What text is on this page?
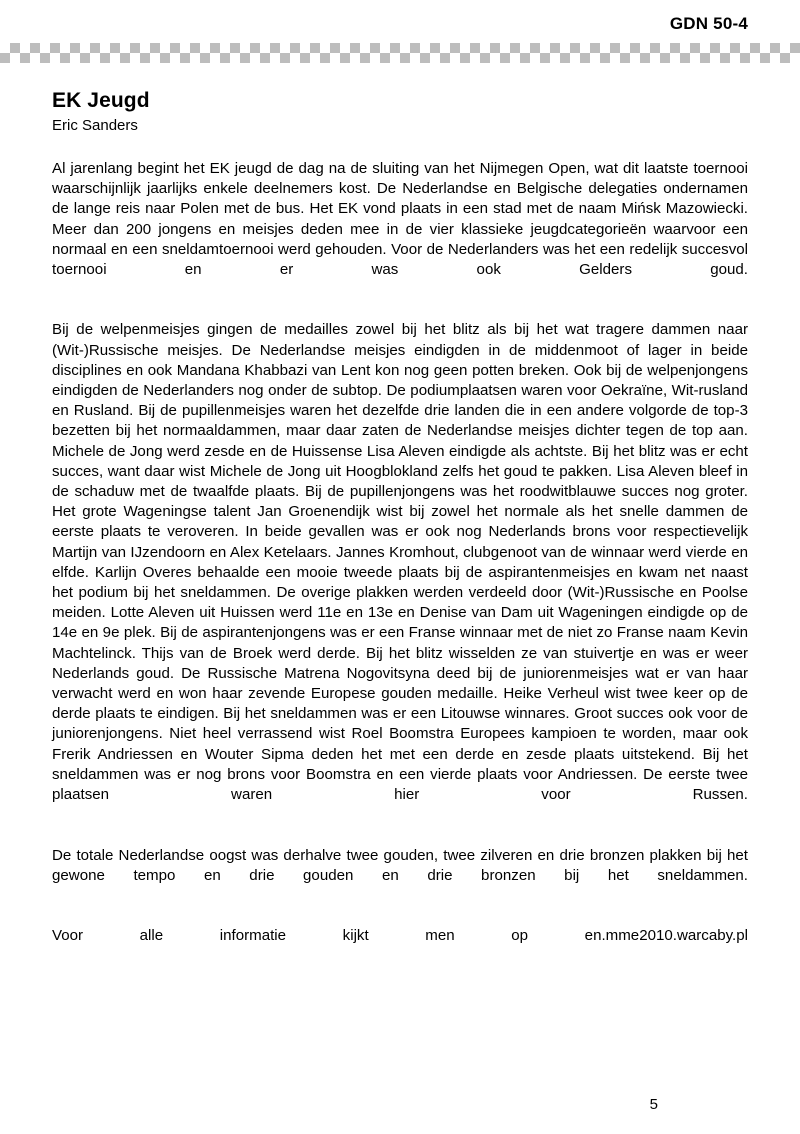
GDN 50-4
EK Jeugd
Eric Sanders

Al jarenlang begint het EK jeugd de dag na de sluiting van het Nijmegen Open, wat dit laatste toernooi waarschijnlijk jaarlijks enkele deelnemers kost. De Nederlandse en Belgische delegaties ondernamen de lange reis naar Polen met de bus. Het EK vond plaats in een stad met de naam Mińsk Mazowiecki. Meer dan 200 jongens en meisjes deden mee in de vier klassieke jeugdcategorieën waarvoor een normaal en een sneldamtoernooi werd gehouden. Voor de Nederlanders was het een redelijk succesvol toernooi en er was ook Gelders goud.

Bij de welpenmeisjes gingen de medailles zowel bij het blitz als bij het wat tragere dammen naar (Wit-)Russische meisjes. De Nederlandse meisjes eindigden in de middenmoot of lager in beide disciplines en ook Mandana Khabbazi van Lent kon nog geen potten breken. Ook bij de welpenjongens eindigden de Nederlanders nog onder de subtop. De podiumplaatsen waren voor Oekraïne, Wit-rusland en Rusland. Bij de pupillenmeisjes waren het dezelfde drie landen die in een andere volgorde de top-3 bezetten bij het normaaldammen, maar daar zaten de Nederlandse meisjes dichter tegen de top aan. Michele de Jong werd zesde en de Huissense Lisa Aleven eindigde als achtste. Bij het blitz was er echt succes, want daar wist Michele de Jong uit Hoogblokland zelfs het goud te pakken. Lisa Aleven bleef in de schaduw met de twaalfde plaats. Bij de pupillenjongens was het roodwitblauwe succes nog groter. Het grote Wageningse talent Jan Groenendijk wist bij zowel het normale als het snelle dammen de eerste plaats te veroveren. In beide gevallen was er ook nog Nederlands brons voor respectievelijk Martijn van IJzendoorn en Alex Ketelaars. Jannes Kromhout, clubgenoot van de winnaar werd vierde en elfde. Karlijn Overes behaalde een mooie tweede plaats bij de aspirantenmeisjes en kwam net naast het podium bij het sneldammen. De overige plakken werden verdeeld door (Wit-)Russische en Poolse meiden. Lotte Aleven uit Huissen werd 11e en 13e en Denise van Dam uit Wageningen eindigde op de 14e en 9e plek. Bij de aspirantenjongens was er een Franse winnaar met de niet zo Franse naam Kevin Machtelinck. Thijs van de Broek werd derde. Bij het blitz wisselden ze van stuivertje en was er weer Nederlands goud. De Russische Matrena Nogovitsyna deed bij de juniorenmeisjes wat er van haar verwacht werd en won haar zevende Europese gouden medaille. Heike Verheul wist twee keer op de derde plaats te eindigen. Bij het sneldammen was er een Litouwse winnares. Groot succes ook voor de juniorenjongens. Niet heel verrassend wist Roel Boomstra Europees kampioen te worden, maar ook Frerik Andriessen en Wouter Sipma deden het met een derde en zesde plaats uitstekend. Bij het sneldammen was er nog brons voor Boomstra en een vierde plaats voor Andriessen. De eerste twee plaatsen waren hier voor Russen.

De totale Nederlandse oogst was derhalve twee gouden, twee zilveren en drie bronzen plakken bij het gewone tempo en drie gouden en drie bronzen bij het sneldammen.

Voor alle informatie kijkt men op en.mme2010.warcaby.pl

5
